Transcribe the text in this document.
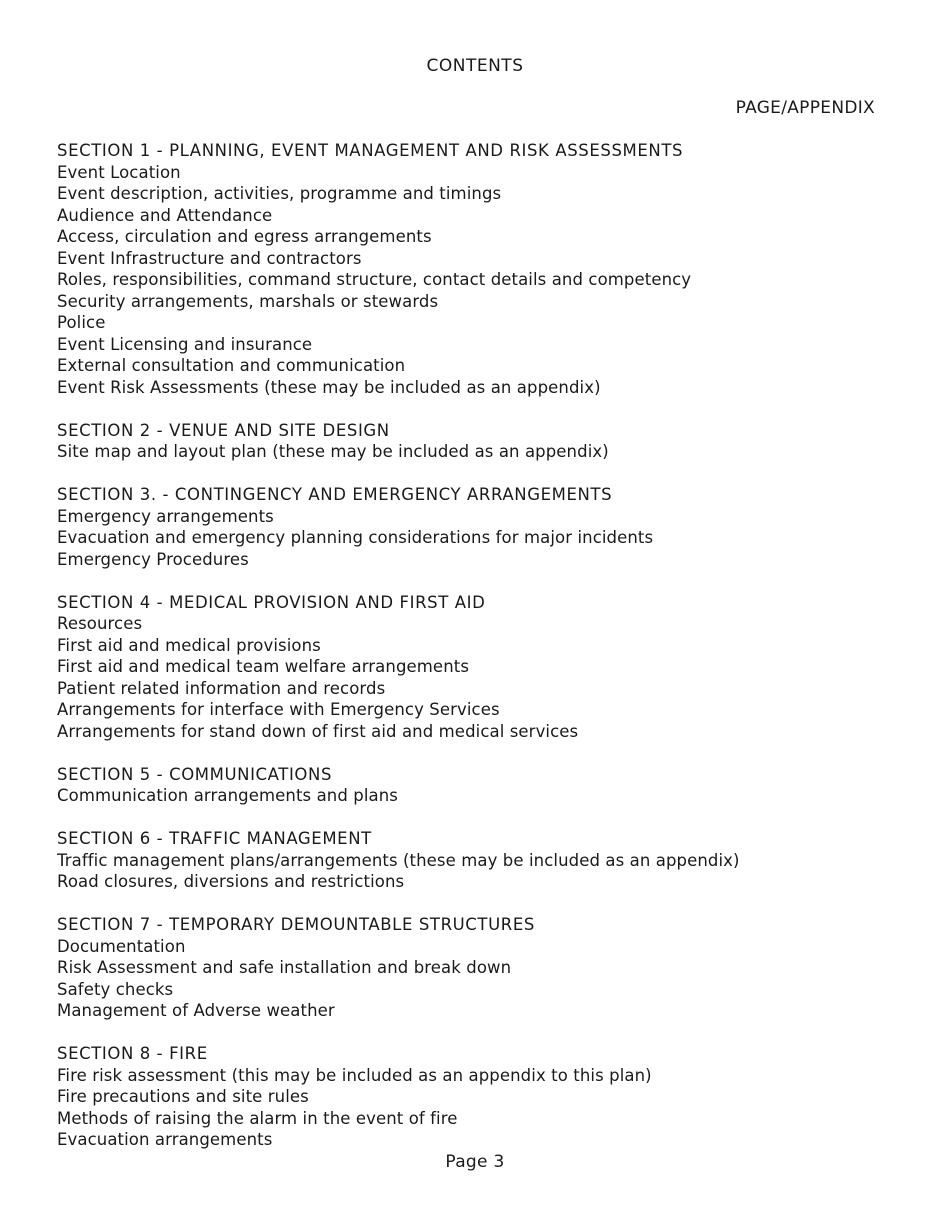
CONTENTS
PAGE/APPENDIX
SECTION 1 - PLANNING, EVENT MANAGEMENT AND RISK ASSESSMENTS
Event Location
Event description, activities, programme and timings
Audience and Attendance
Access, circulation and egress arrangements
Event Infrastructure and contractors
Roles, responsibilities, command structure, contact details and competency
Security arrangements, marshals or stewards
Police
Event Licensing and insurance
External consultation and communication
Event Risk Assessments (these may be included as an appendix)
SECTION 2 - VENUE AND SITE DESIGN
Site map and layout plan (these may be included as an appendix)
SECTION 3. - CONTINGENCY AND EMERGENCY ARRANGEMENTS
Emergency arrangements
Evacuation and emergency planning considerations for major incidents
Emergency Procedures
SECTION 4 - MEDICAL PROVISION AND FIRST AID
Resources
First aid and medical provisions
First aid and medical team welfare arrangements
Patient related information and records
Arrangements for interface with Emergency Services
Arrangements for stand down of first aid and medical services
SECTION 5 - COMMUNICATIONS
Communication arrangements and plans
SECTION 6 - TRAFFIC MANAGEMENT
Traffic management plans/arrangements (these may be included as an appendix)
Road closures, diversions and restrictions
SECTION 7 - TEMPORARY DEMOUNTABLE STRUCTURES
Documentation
Risk Assessment and safe installation and break down
Safety checks
Management of Adverse weather
SECTION 8 - FIRE
Fire risk assessment (this may be included as an appendix to this plan)
Fire precautions and site rules
Methods of raising the alarm in the event of fire
Evacuation arrangements
Page 3
